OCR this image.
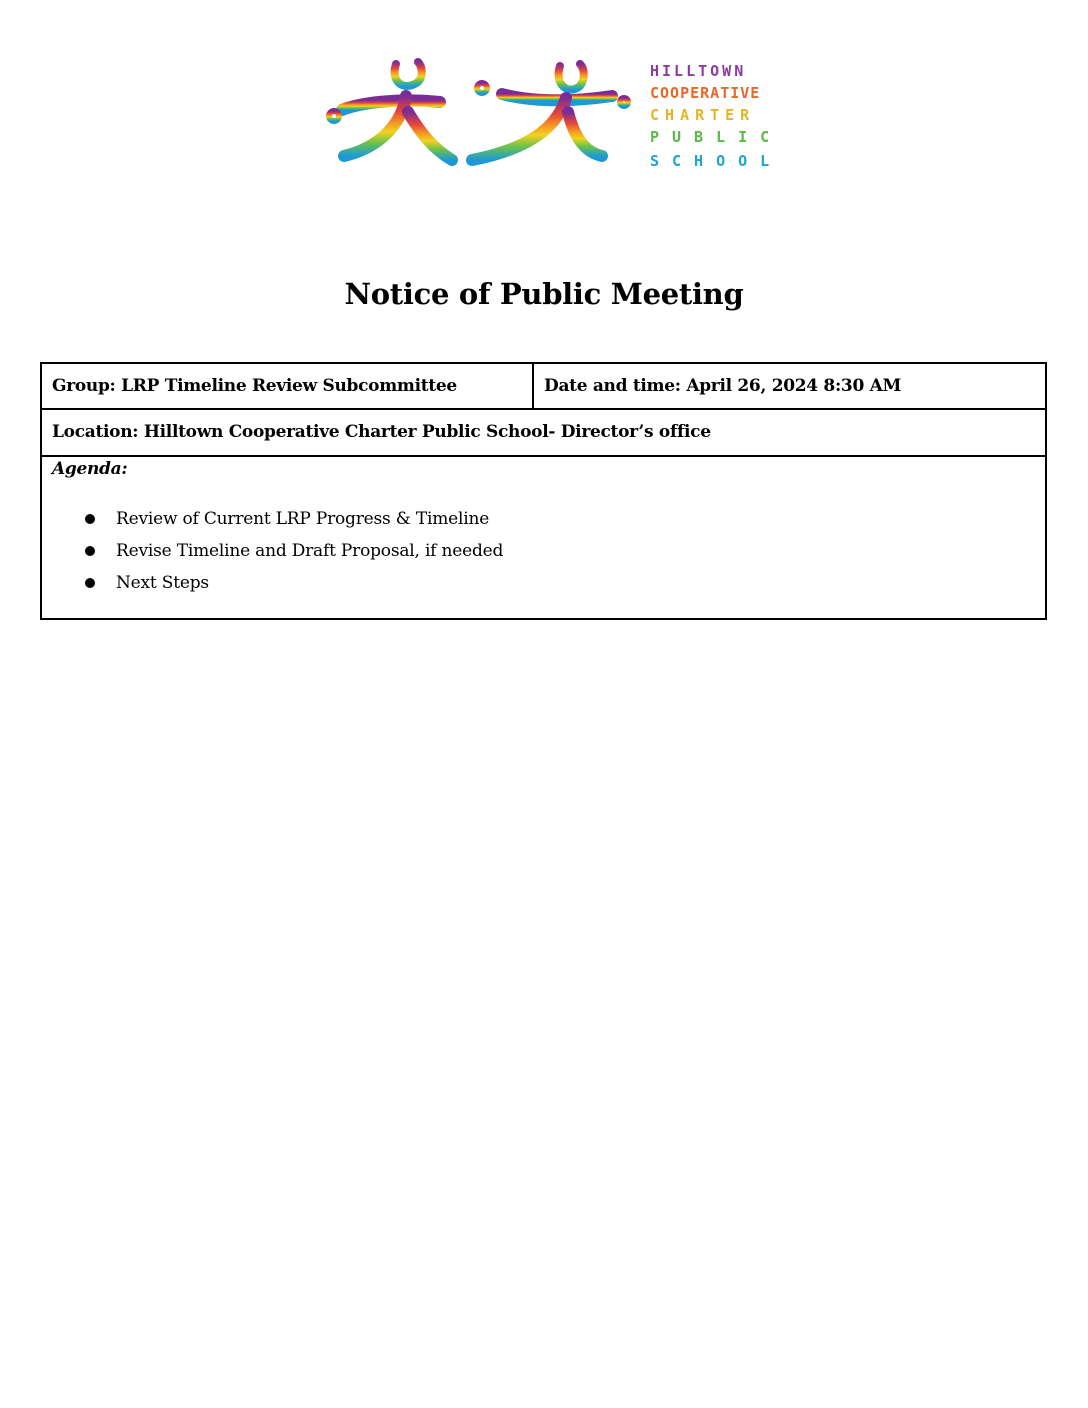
HILLTOWN
COOPERATIVE
CHARTER
PUBLIC
SCHOOL
Notice of Public Meeting
Group: LRP Timeline Review Subcommittee	Date and time: April 26, 2024 8:30 AM
Location: Hilltown Cooperative Charter Public School- Director’s office

Agenda:

Review of Current LRP Progress & Timeline
Revise Timeline and Draft Proposal, if needed
Next Steps
